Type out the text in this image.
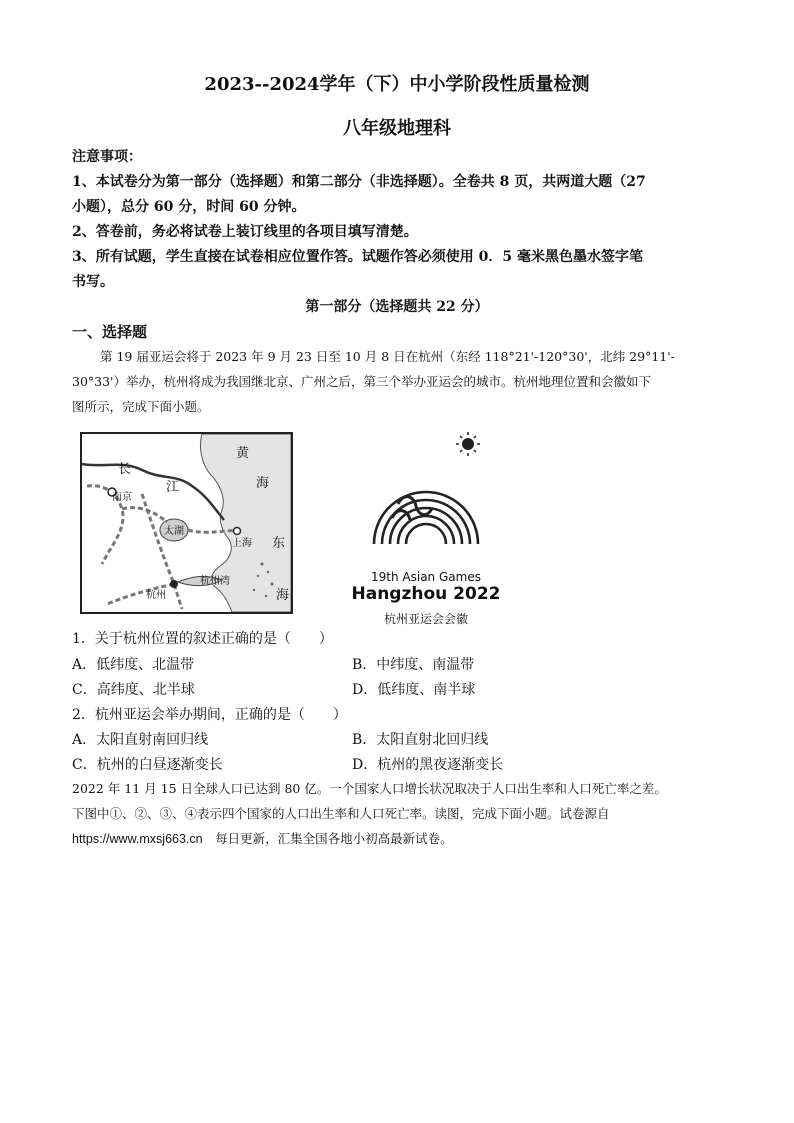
2023--2024学年（下）中小学阶段性质量检测
八年级地理科
注意事项：
1、本试卷分为第一部分（选择题）和第二部分（非选择题）。全卷共 8 页，共两道大题（27
小题），总分 60 分，时间 60 分钟。
2、答卷前，务必将试卷上装订线里的各项目填写清楚。
3、所有试题，学生直接在试卷相应位置作答。试题作答必须使用 0．5 毫米黑色墨水签字笔
书写。
第一部分（选择题共 22 分）
一、选择题
第 19 届亚运会将于 2023 年 9 月 23 日至 10 月 8 日在杭州（东经 118°21'-120°30'，北纬 29°11'-
30°33'）举办，杭州将成为我国继北京、广州之后，第三个举办亚运会的城市。杭州地理位置和会徽如下
图所示，完成下面小题。
长
江
黄
海
东
海
南京
太湖
上海
杭州
杭州湾	19th Asian Games
Hangzhou 2022
杭州亚运会会徽
1．关于杭州位置的叙述正确的是（　　）
A．低纬度、北温带	B．中纬度、南温带
C．高纬度、北半球	D．低纬度、南半球
2．杭州亚运会举办期间，正确的是（　　）
A．太阳直射南回归线	B．太阳直射北回归线
C．杭州的白昼逐渐变长	D．杭州的黑夜逐渐变长
2022 年 11 月 15 日全球人口已达到 80 亿。一个国家人口增长状况取决于人口出生率和人口死亡率之差。
下图中①、②、③、④表示四个国家的人口出生率和人口死亡率。读图，完成下面小题。试卷源自
https://www.mxsj663.cn　每日更新，汇集全国各地小初高最新试卷。
